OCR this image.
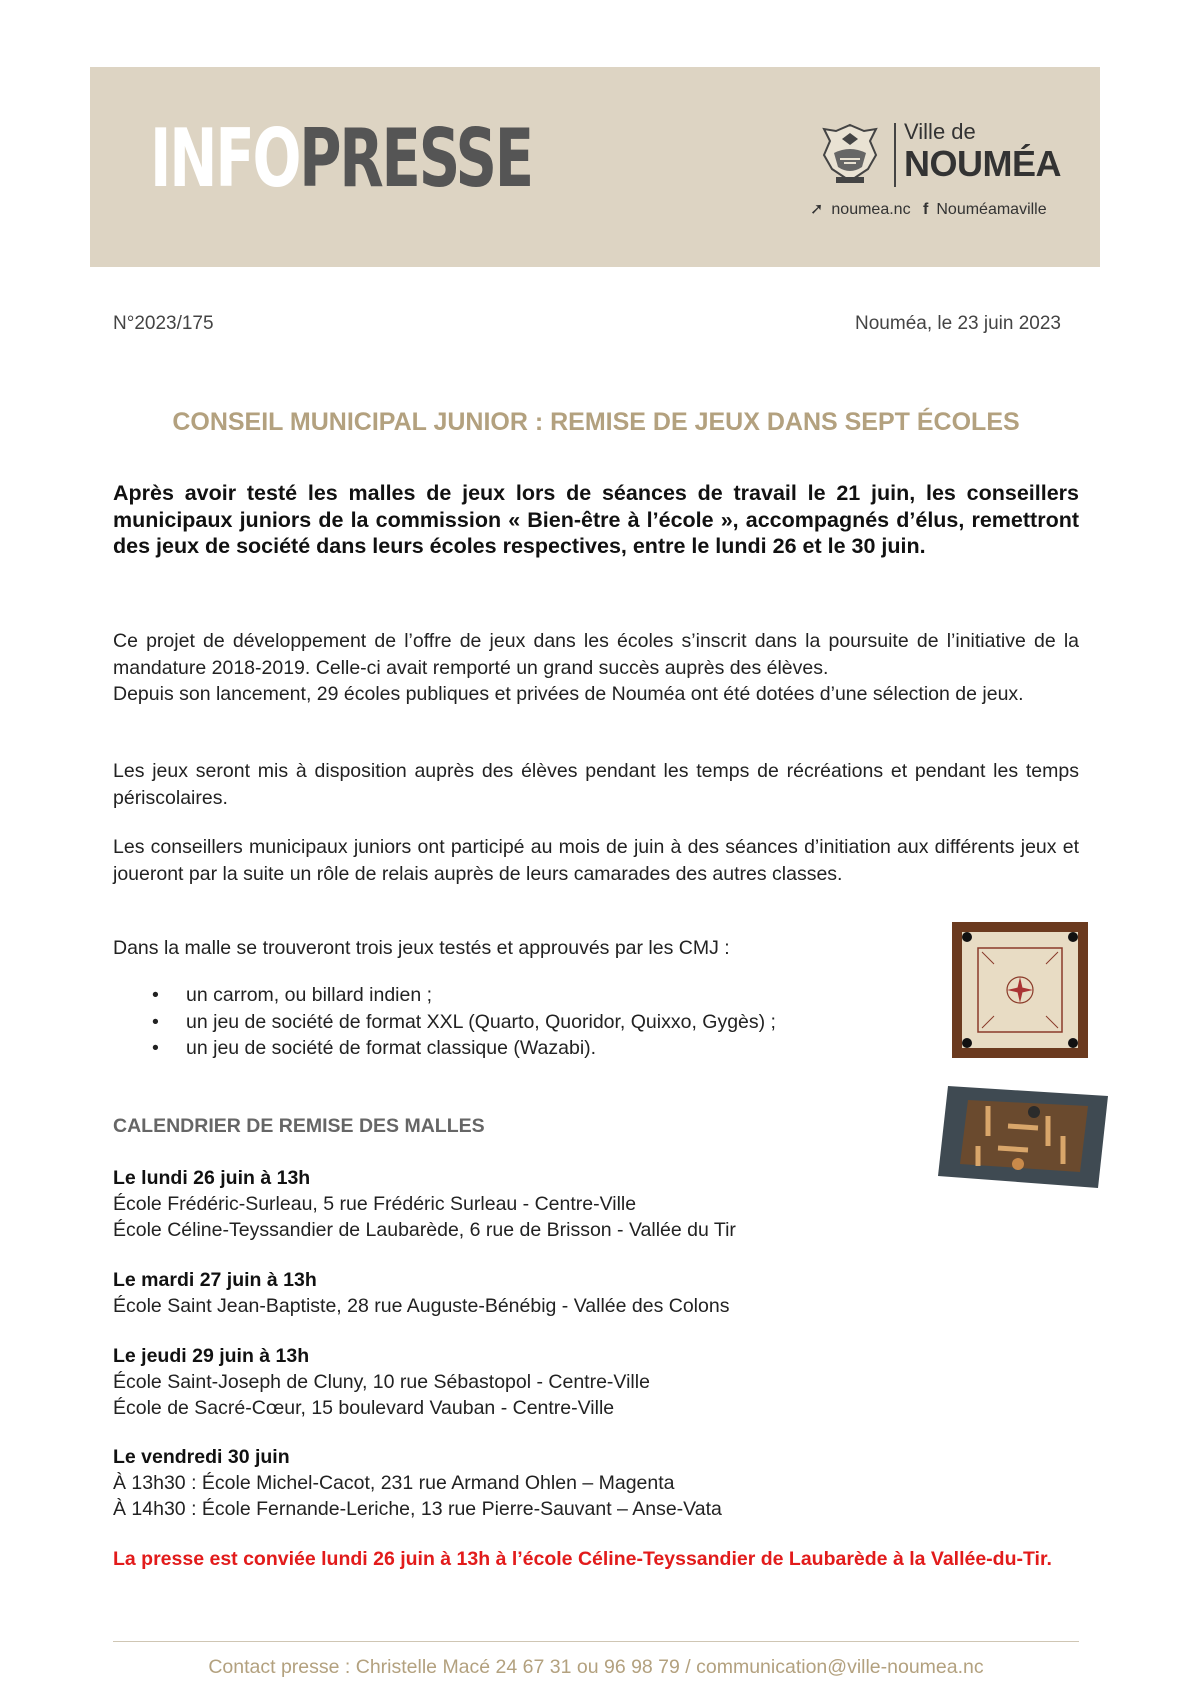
INFOPRESSE	Ville de
NOUMÉA
➚ noumea.nc f Nouméamaville
N°2023/175	Nouméa, le 23 juin 2023
CONSEIL MUNICIPAL JUNIOR : REMISE DE JEUX DANS SEPT ÉCOLES
Après avoir testé les malles de jeux lors de séances de travail le 21 juin, les conseillers municipaux juniors de la commission « Bien-être à l’école », accompagnés d’élus, remettront des jeux de société dans leurs écoles respectives, entre le lundi 26 et le 30 juin.
Ce projet de développement de l’offre de jeux dans les écoles s’inscrit dans la poursuite de l’initiative de la mandature 2018-2019. Celle-ci avait remporté un grand succès auprès des élèves.
Depuis son lancement, 29 écoles publiques et privées de Nouméa ont été dotées d’une sélection de jeux.
Les jeux seront mis à disposition auprès des élèves pendant les temps de récréations et pendant les temps périscolaires.
Les conseillers municipaux juniors ont participé au mois de juin à des séances d’initiation aux différents jeux et joueront par la suite un rôle de relais auprès de leurs camarades des autres classes.
Dans la malle se trouveront trois jeux testés et approuvés par les CMJ :
• un carrom, ou billard indien ;
• un jeu de société de format XXL (Quarto, Quoridor, Quixxo, Gygès) ;
• un jeu de société de format classique (Wazabi).
CALENDRIER DE REMISE DES MALLES
Le lundi 26 juin à 13h
École Frédéric-Surleau, 5 rue Frédéric Surleau - Centre-Ville
École Céline-Teyssandier de Laubarède, 6 rue de Brisson - Vallée du Tir
Le mardi 27 juin à 13h
École Saint Jean-Baptiste, 28 rue Auguste-Bénébig - Vallée des Colons
Le jeudi 29 juin à 13h
École Saint-Joseph de Cluny, 10 rue Sébastopol - Centre-Ville
École de Sacré-Cœur, 15 boulevard Vauban - Centre-Ville
Le vendredi 30 juin
À 13h30 : École Michel-Cacot, 231 rue Armand Ohlen – Magenta
À 14h30 : École Fernande-Leriche, 13 rue Pierre-Sauvant – Anse-Vata
La presse est conviée lundi 26 juin à 13h à l’école Céline-Teyssandier de Laubarède à la Vallée-du-Tir.
Contact presse : Christelle Macé 24 67 31 ou 96 98 79 / communication@ville-noumea.nc
